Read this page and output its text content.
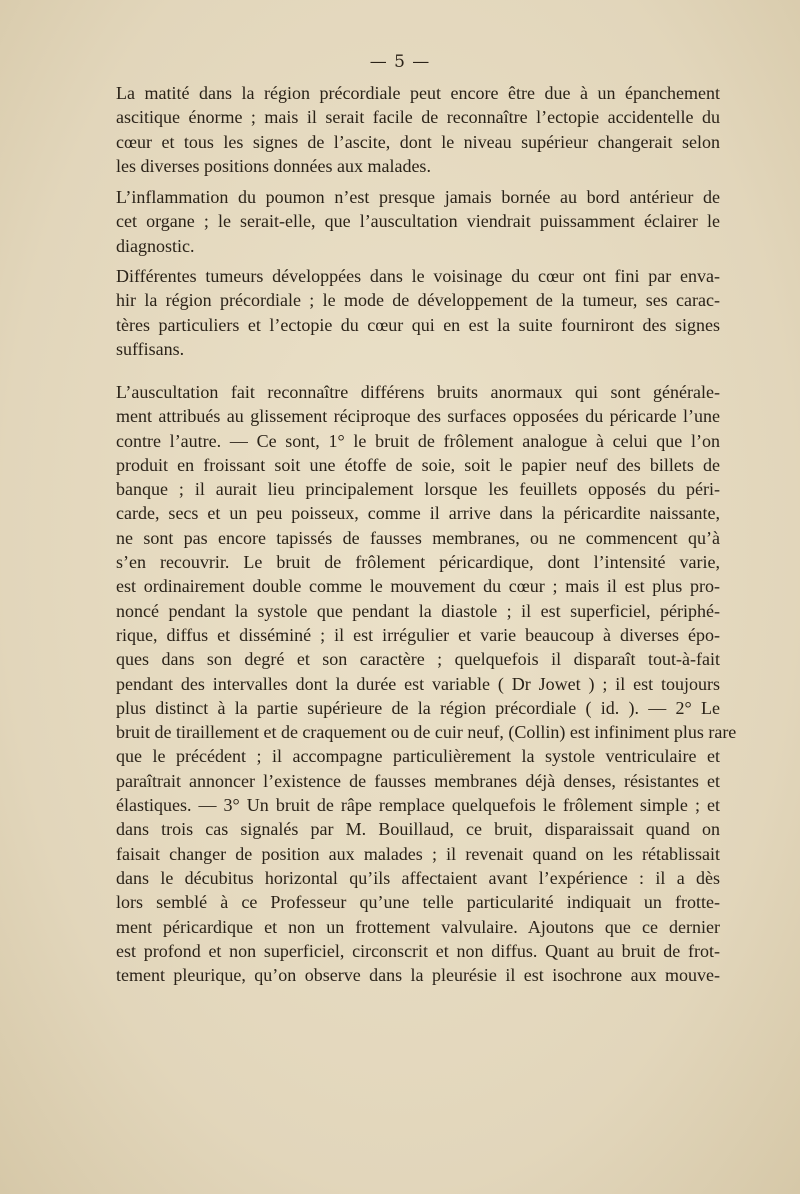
— 5 —
La matité dans la région précordiale peut encore être due à un épanchement
ascitique énorme ; mais il serait facile de reconnaître l’ectopie accidentelle du
cœur et tous les signes de l’ascite, dont le niveau supérieur changerait selon
les diverses positions données aux malades.
L’inflammation du poumon n’est presque jamais bornée au bord antérieur de
cet organe ; le serait-elle, que l’auscultation viendrait puissamment éclairer le
diagnostic.
Différentes tumeurs développées dans le voisinage du cœur ont fini par enva-
hir la région précordiale ; le mode de développement de la tumeur, ses carac-
tères particuliers et l’ectopie du cœur qui en est la suite fourniront des signes
suffisans.
L’auscultation fait reconnaître différens bruits anormaux qui sont générale-
ment attribués au glissement réciproque des surfaces opposées du péricarde l’une
contre l’autre. — Ce sont, 1° le bruit de frôlement analogue à celui que l’on
produit en froissant soit une étoffe de soie, soit le papier neuf des billets de
banque ; il aurait lieu principalement lorsque les feuillets opposés du péri-
carde, secs et un peu poisseux, comme il arrive dans la péricardite naissante,
ne sont pas encore tapissés de fausses membranes, ou ne commencent qu’à
s’en recouvrir. Le bruit de frôlement péricardique, dont l’intensité varie,
est ordinairement double comme le mouvement du cœur ; mais il est plus pro-
noncé pendant la systole que pendant la diastole ; il est superficiel, périphé-
rique, diffus et disséminé ; il est irrégulier et varie beaucoup à diverses épo-
ques dans son degré et son caractère ; quelquefois il disparaît tout-à-fait
pendant des intervalles dont la durée est variable ( Dr Jowet ) ; il est toujours
plus distinct à la partie supérieure de la région précordiale ( id. ). — 2° Le
bruit de tiraillement et de craquement ou de cuir neuf, (Collin) est infiniment plus rare
que le précédent ; il accompagne particulièrement la systole ventriculaire et
paraîtrait annoncer l’existence de fausses membranes déjà denses, résistantes et
élastiques. — 3° Un bruit de râpe remplace quelquefois le frôlement simple ; et
dans trois cas signalés par M. Bouillaud, ce bruit, disparaissait quand on
faisait changer de position aux malades ; il revenait quand on les rétablissait
dans le décubitus horizontal qu’ils affectaient avant l’expérience : il a dès
lors semblé à ce Professeur qu’une telle particularité indiquait un frotte-
ment péricardique et non un frottement valvulaire. Ajoutons que ce dernier
est profond et non superficiel, circonscrit et non diffus. Quant au bruit de frot-
tement pleurique, qu’on observe dans la pleurésie il est isochrone aux mouve-
